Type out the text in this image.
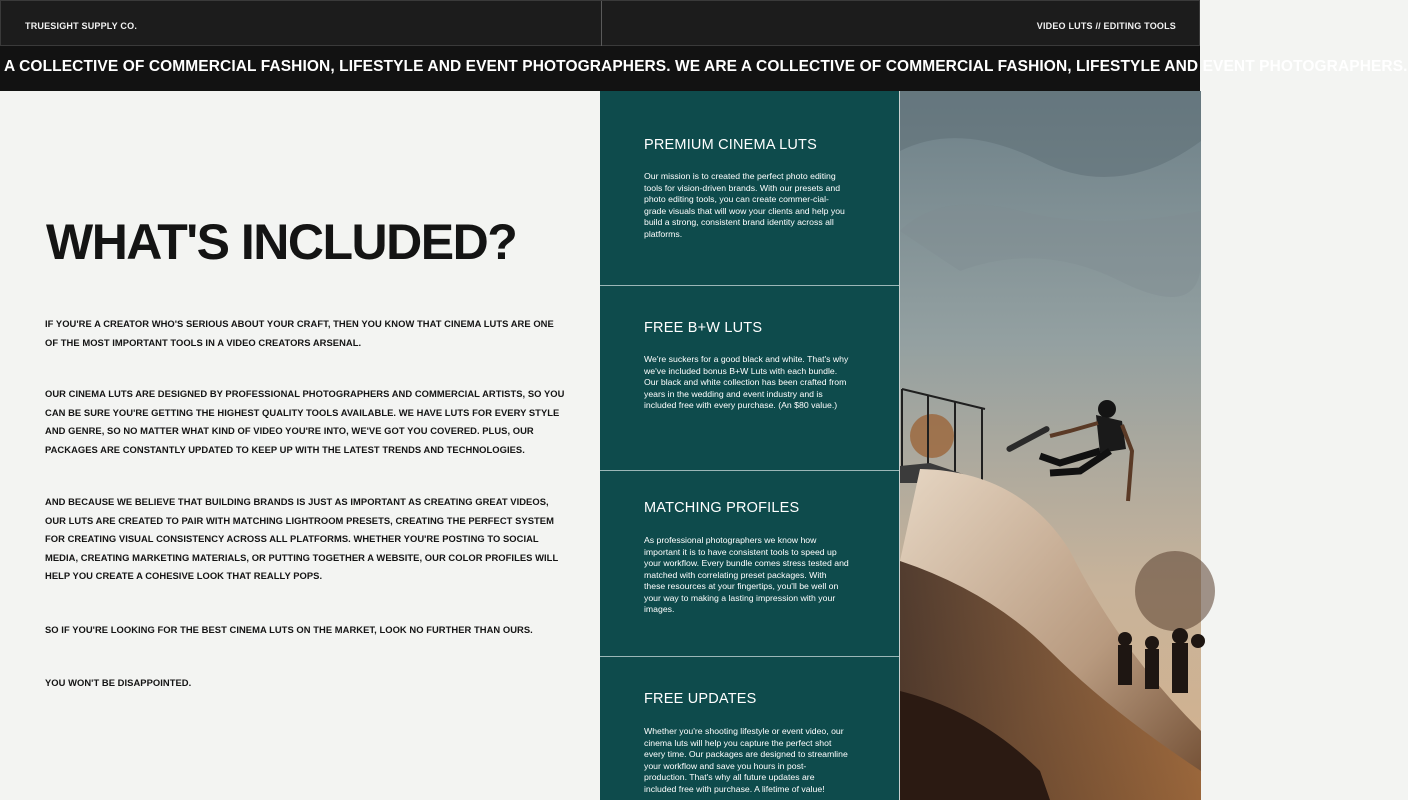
TRUESIGHT SUPPLY CO.	VIDEO LUTS // EDITING TOOLS
A COLLECTIVE OF COMMERCIAL FASHION, LIFESTYLE AND EVENT PHOTOGRAPHERS. WE ARE A COLLECTIVE OF COMMERCIAL FASHION, LIFESTYLE AND EVENT PHOTOGRAPHERS.
WHAT'S INCLUDED?

IF YOU'RE A CREATOR WHO'S SERIOUS ABOUT YOUR CRAFT, THEN YOU KNOW THAT CINEMA LUTS ARE ONE OF THE MOST IMPORTANT TOOLS IN A VIDEO CREATORS ARSENAL.

OUR CINEMA LUTS ARE DESIGNED BY PROFESSIONAL PHOTOGRAPHERS AND COMMERCIAL ARTISTS, SO YOU CAN BE SURE YOU'RE GETTING THE HIGHEST QUALITY TOOLS AVAILABLE. WE HAVE LUTS FOR EVERY STYLE AND GENRE, SO NO MATTER WHAT KIND OF VIDEO YOU'RE INTO, WE'VE GOT YOU COVERED. PLUS, OUR PACKAGES ARE CONSTANTLY UPDATED TO KEEP UP WITH THE LATEST TRENDS AND TECHNOLOGIES.

AND BECAUSE WE BELIEVE THAT BUILDING BRANDS IS JUST AS IMPORTANT AS CREATING GREAT VIDEOS, OUR LUTS ARE CREATED TO PAIR WITH MATCHING LIGHTROOM PRESETS, CREATING THE PERFECT SYSTEM FOR CREATING VISUAL CONSISTENCY ACROSS ALL PLATFORMS. WHETHER YOU'RE POSTING TO SOCIAL MEDIA, CREATING MARKETING MATERIALS, OR PUTTING TOGETHER A WEBSITE, OUR COLOR PROFILES WILL HELP YOU CREATE A COHESIVE LOOK THAT REALLY POPS.

SO IF YOU'RE LOOKING FOR THE BEST CINEMA LUTS ON THE MARKET, LOOK NO FURTHER THAN OURS.

YOU WON'T BE DISAPPOINTED.

PREMIUM CINEMA LUTS
Our mission is to created the perfect photo editing tools for vision-driven brands. With our presets and photo editing tools, you can create commer-cial-grade visuals that will wow your clients and help you build a strong, consistent brand identity across all platforms.
FREE B+W LUTS
We're suckers for a good black and white. That's why we've included bonus B+W Luts with each bundle. Our black and white collection has been crafted from years in the wedding and event industry and is included free with every purchase. (An $80 value.)
MATCHING PROFILES
As professional photographers we know how important it is to have consistent tools to speed up your workflow. Every bundle comes stress tested and matched with correlating preset packages. With these resources at your fingertips, you'll be well on your way to making a lasting impression with your images.
FREE UPDATES
Whether you're shooting lifestyle or event video, our cinema luts will help you capture the perfect shot every time. Our packages are designed to streamline your workflow and save you hours in post-production. That's why all future updates are included free with purchase. A lifetime of value!
